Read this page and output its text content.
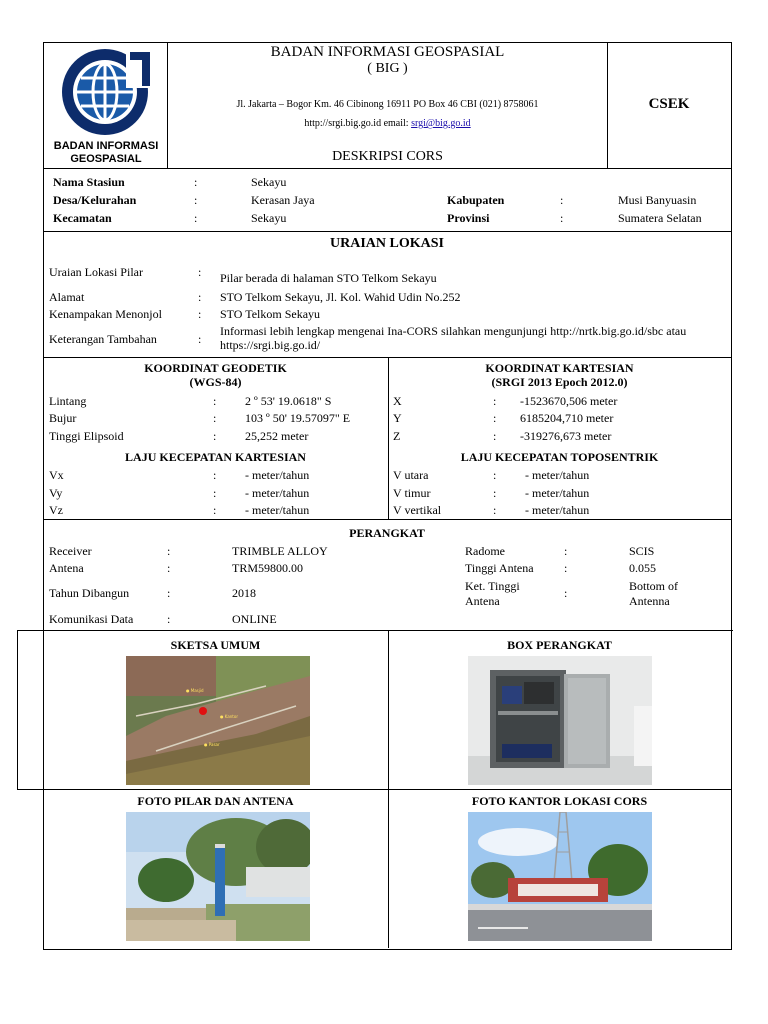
BADAN INFORMASI
GEOSPASIAL
BADAN INFORMASI GEOSPASIAL
( BIG )
Jl. Jakarta – Bogor Km. 46 Cibinong 16911 PO Box 46 CBI (021) 8758061
http://srgi.big.go.id email: srgi@big.go.id
DESKRIPSI CORS
CSEK
Nama Stasiun	:	Sekayu
Desa/Kelurahan	:	Kerasan Jaya	Kabupaten	:	Musi Banyuasin
Kecamatan	:	Sekayu	Provinsi	:	Sumatera Selatan
URAIAN LOKASI
Uraian Lokasi Pilar	: Pilar berada di halaman STO Telkom Sekayu
Alamat	: STO Telkom Sekayu, Jl. Kol. Wahid Udin No.252
Kenampakan Menonjol	: STO Telkom Sekayu
Keterangan Tambahan	:
Informasi lebih lengkap mengenai Ina-CORS silahkan mengunjungi http://nrtk.big.go.id/sbc atau https://srgi.big.go.id/
KOORDINAT GEODETIK
(WGS-84)
KOORDINAT KARTESIAN
(SRGI 2013 Epoch 2012.0)
Lintang	: 2 º 53' 19.0618" S
Bujur	: 103 º 50' 19.57097" E
Tinggi Elipsoid	: 25,252 meter
X	: -1523670,506 meter
Y	: 6185204,710 meter
Z	: -319276,673 meter
LAJU KECEPATAN KARTESIAN	LAJU KECEPATAN TOPOSENTRIK
Vx	: - meter/tahun
Vy	: - meter/tahun
Vz	: - meter/tahun
V utara	: - meter/tahun
V timur	: - meter/tahun
V vertikal	: - meter/tahun
PERANGKAT
Receiver	:	TRIMBLE ALLOY
Antena	:	TRM59800.00
Tahun Dibangun	:	2018
Komunikasi Data	:	ONLINE
Radome	:	SCIS
Tinggi Antena	:	0.055
Ket. Tinggi
Antena
:	Bottom of
Antenna
SKETSA UMUM	BOX PERANGKAT
FOTO PILAR DAN ANTENA	FOTO KANTOR LOKASI CORS
● Masjid
● Kantor
● Pasar
